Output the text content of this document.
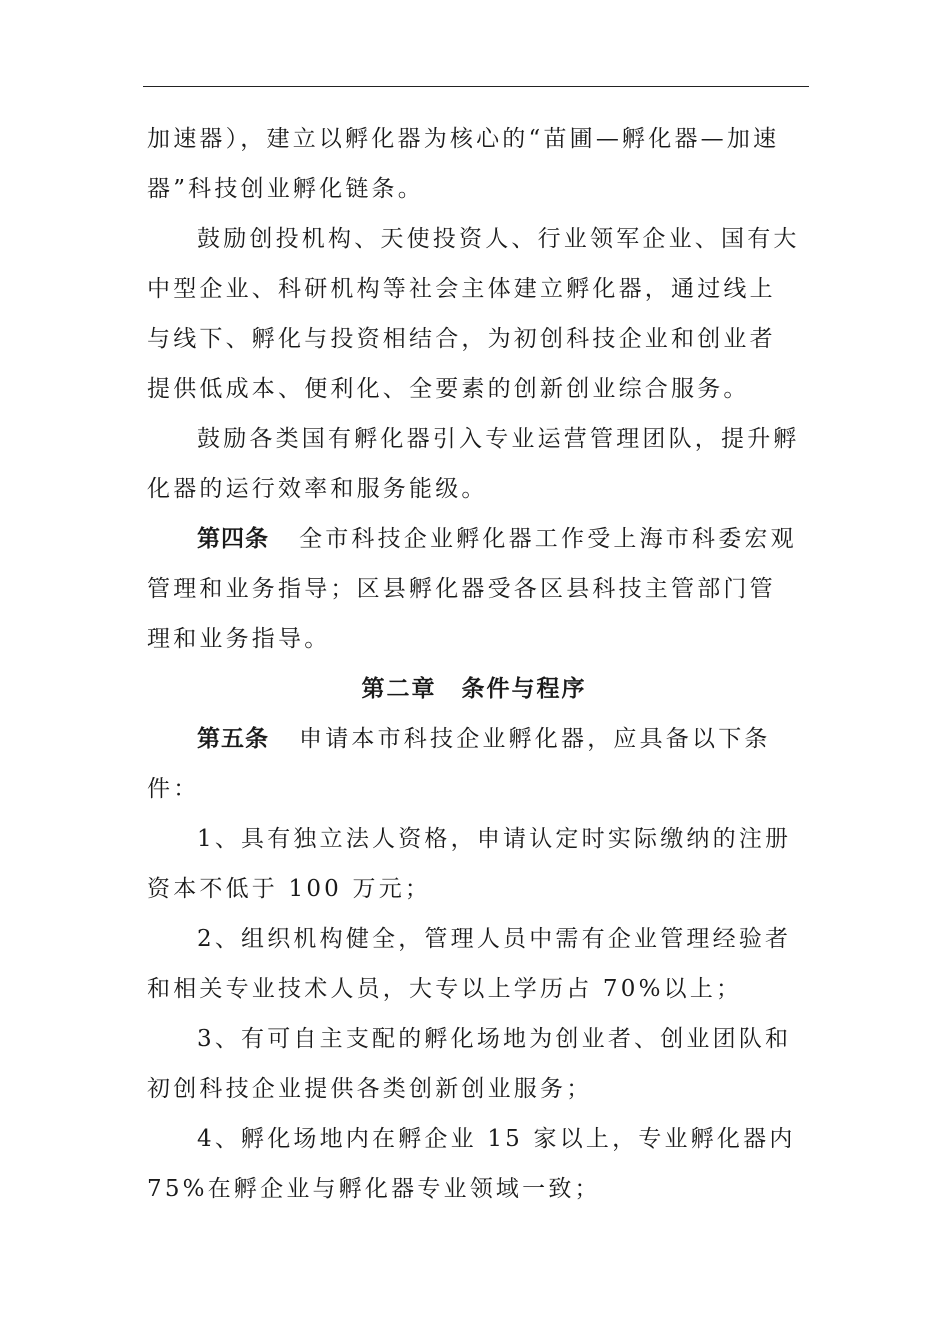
加速器），建立以孵化器为核心的“苗圃—孵化器—加速器”科技创业孵化链条。

鼓励创投机构、天使投资人、行业领军企业、国有大中型企业、科研机构等社会主体建立孵化器，通过线上与线下、孵化与投资相结合，为初创科技企业和创业者提供低成本、便利化、全要素的创新创业综合服务。

鼓励各类国有孵化器引入专业运营管理团队，提升孵化器的运行效率和服务能级。

第四条 全市科技企业孵化器工作受上海市科委宏观管理和业务指导；区县孵化器受各区县科技主管部门管理和业务指导。

第二章　条件与程序

第五条 申请本市科技企业孵化器，应具备以下条件：

1、具有独立法人资格，申请认定时实际缴纳的注册资本不低于 100 万元；

2、组织机构健全，管理人员中需有企业管理经验者和相关专业技术人员，大专以上学历占 70%以上；

3、有可自主支配的孵化场地为创业者、创业团队和初创科技企业提供各类创新创业服务；

4、孵化场地内在孵企业 15 家以上，专业孵化器内 75%在孵企业与孵化器专业领域一致；
